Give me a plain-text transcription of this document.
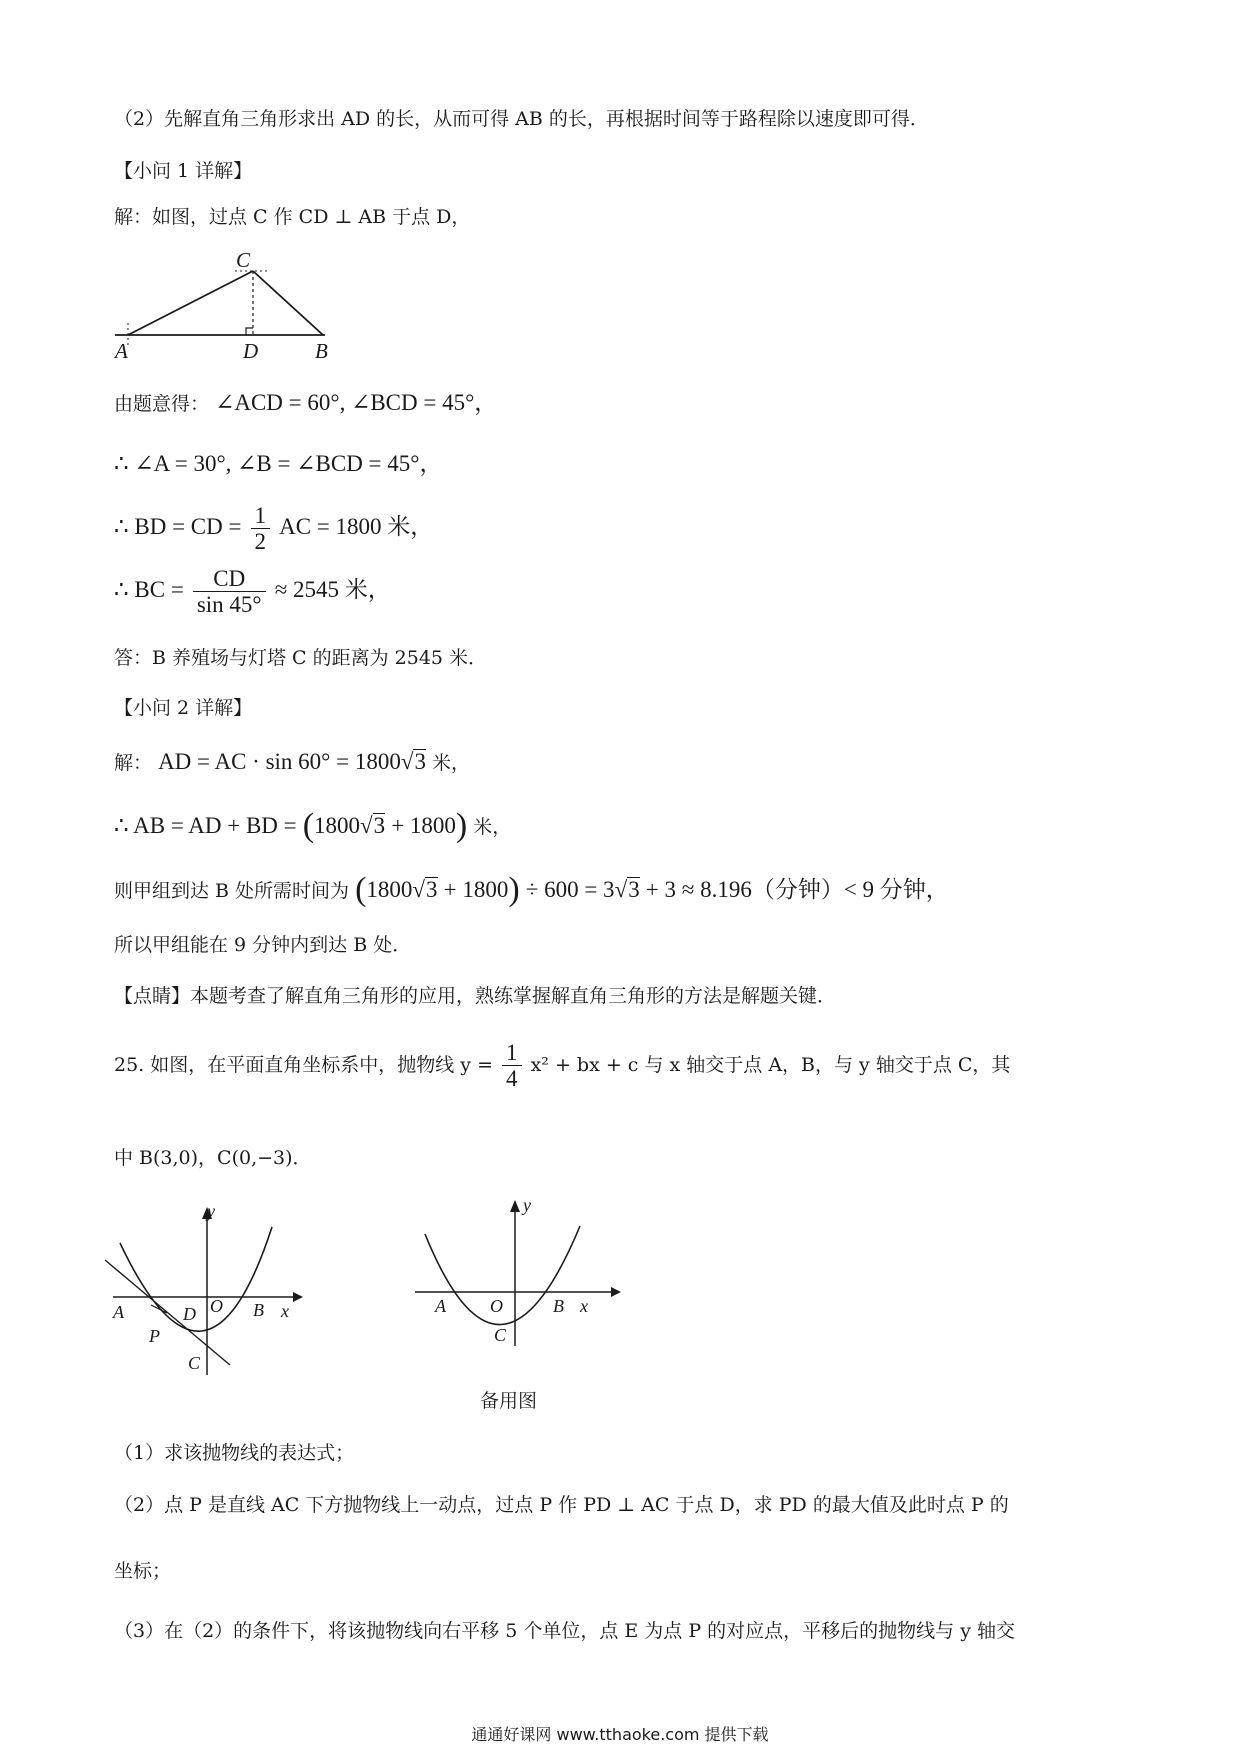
（2）先解直角三角形求出 AD 的长，从而可得 AB 的长，再根据时间等于路程除以速度即可得．
【小问 1 详解】
解：如图，过点 C 作 CD ⊥ AB 于点 D，
C
A	D	B
由题意得： ∠ACD = 60°, ∠BCD = 45°，
∴ ∠A = 30°, ∠B = ∠BCD = 45°，
∴ BD = CD = $\frac{1}{2}$ AC = 1800 米，
∴ BC = $\frac{CD}{\sin 45^\circ} \approx 2545$ 米，
答：B 养殖场与灯塔 C 的距离为 2545 米．
【小问 2 详解】
解： AD = AC · sin 60° = 1800√3 米，
∴ AB = AD + BD = (1800√3 + 1800) 米，
则甲组到达 B 处所需时间为 (1800√3 + 1800) ÷ 600 = 3√3 + 3 ≈ 8.196（分钟）< 9 分钟，
所以甲组能在 9 分钟内到达 B 处．
【点睛】本题考查了解直角三角形的应用，熟练掌握解直角三角形的方法是解题关键．
25. 如图，在平面直角坐标系中，抛物线 $y = \frac{1}{4} x^2$ + bx + c 与 x 轴交于点 A，B，与 y 轴交于点 C，其
中 B(3,0)，C(0,−3)．
y
x
A	D O B
P
C
y
x
A O	B
C
备用图
（1）求该抛物线的表达式；
（2）点 P 是直线 AC 下方抛物线上一动点，过点 P 作 PD ⊥ AC 于点 D，求 PD 的最大值及此时点 P 的
坐标；
（3）在（2）的条件下，将该抛物线向右平移 5 个单位，点 E 为点 P 的对应点，平移后的抛物线与 y 轴交
通通好课网 www.tthaoke.com 提供下载
